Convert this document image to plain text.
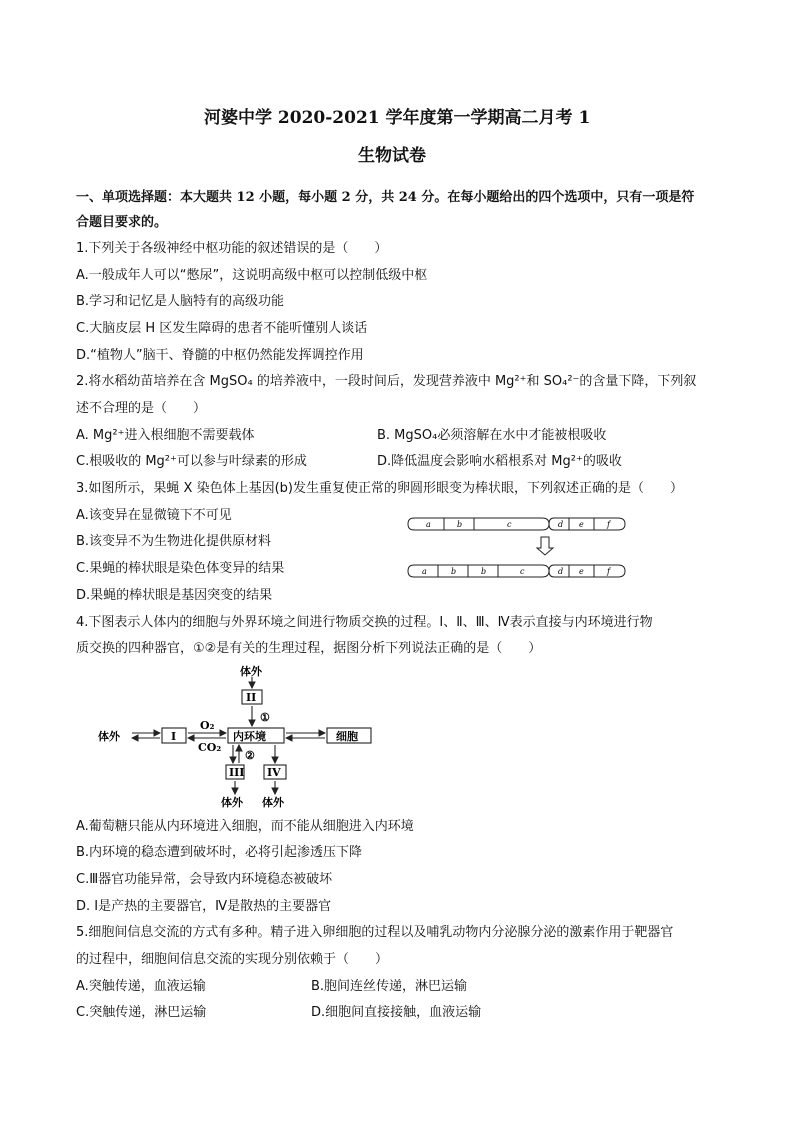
河婆中学 2020-2021 学年度第一学期高二月考 1
生物试卷
一、单项选择题：本大题共 12 小题，每小题 2 分，共 24 分。在每小题给出的四个选项中，只有一项是符
合题目要求的。
1.下列关于各级神经中枢功能的叙述错误的是（　　）
A.一般成年人可以“憋尿”，这说明高级中枢可以控制低级中枢
B.学习和记忆是人脑特有的高级功能
C.大脑皮层 H 区发生障碍的患者不能听懂别人谈话
D.“植物人”脑干、脊髓的中枢仍然能发挥调控作用
2.将水稻幼苗培养在含 MgSO₄ 的培养液中，一段时间后，发现营养液中 Mg²⁺和 SO₄²⁻的含量下降，下列叙
述不合理的是（　　）
A. Mg²⁺进入根细胞不需要载体	B. MgSO₄必须溶解在水中才能被根吸收
C.根吸收的 Mg²⁺可以参与叶绿素的形成	D.降低温度会影响水稻根系对 Mg²⁺的吸收
3.如图所示，果蝇 X 染色体上基因(b)发生重复使正常的卵圆形眼变为棒状眼，下列叙述正确的是（　　）
A.该变异在显微镜下不可见
B.该变异不为生物进化提供原材料
C.果蝇的棒状眼是染色体变异的结果
D.果蝇的棒状眼是基因突变的结果
a	b	c	d e	f
a	b	b	c	d e	f
4.下图表示人体内的细胞与外界环境之间进行物质交换的过程。Ⅰ、Ⅱ、Ⅲ、Ⅳ表示直接与内环境进行物
质交换的四种器官，①②是有关的生理过程，据图分析下列说法正确的是（　　）
体外
体外
I
II
①
O₂
CO₂
内环境	细胞
②
III IV
体外 体外
A.葡萄糖只能从内环境进入细胞，而不能从细胞进入内环境
B.内环境的稳态遭到破坏时，必将引起渗透压下降
C.Ⅲ器官功能异常，会导致内环境稳态被破坏
D. Ⅰ是产热的主要器官，Ⅳ是散热的主要器官
5.细胞间信息交流的方式有多种。精子进入卵细胞的过程以及哺乳动物内分泌腺分泌的激素作用于靶器官
的过程中，细胞间信息交流的实现分别依赖于（　　）
A.突触传递，血液运输	B.胞间连丝传递，淋巴运输
C.突触传递，淋巴运输	D.细胞间直接接触，血液运输
